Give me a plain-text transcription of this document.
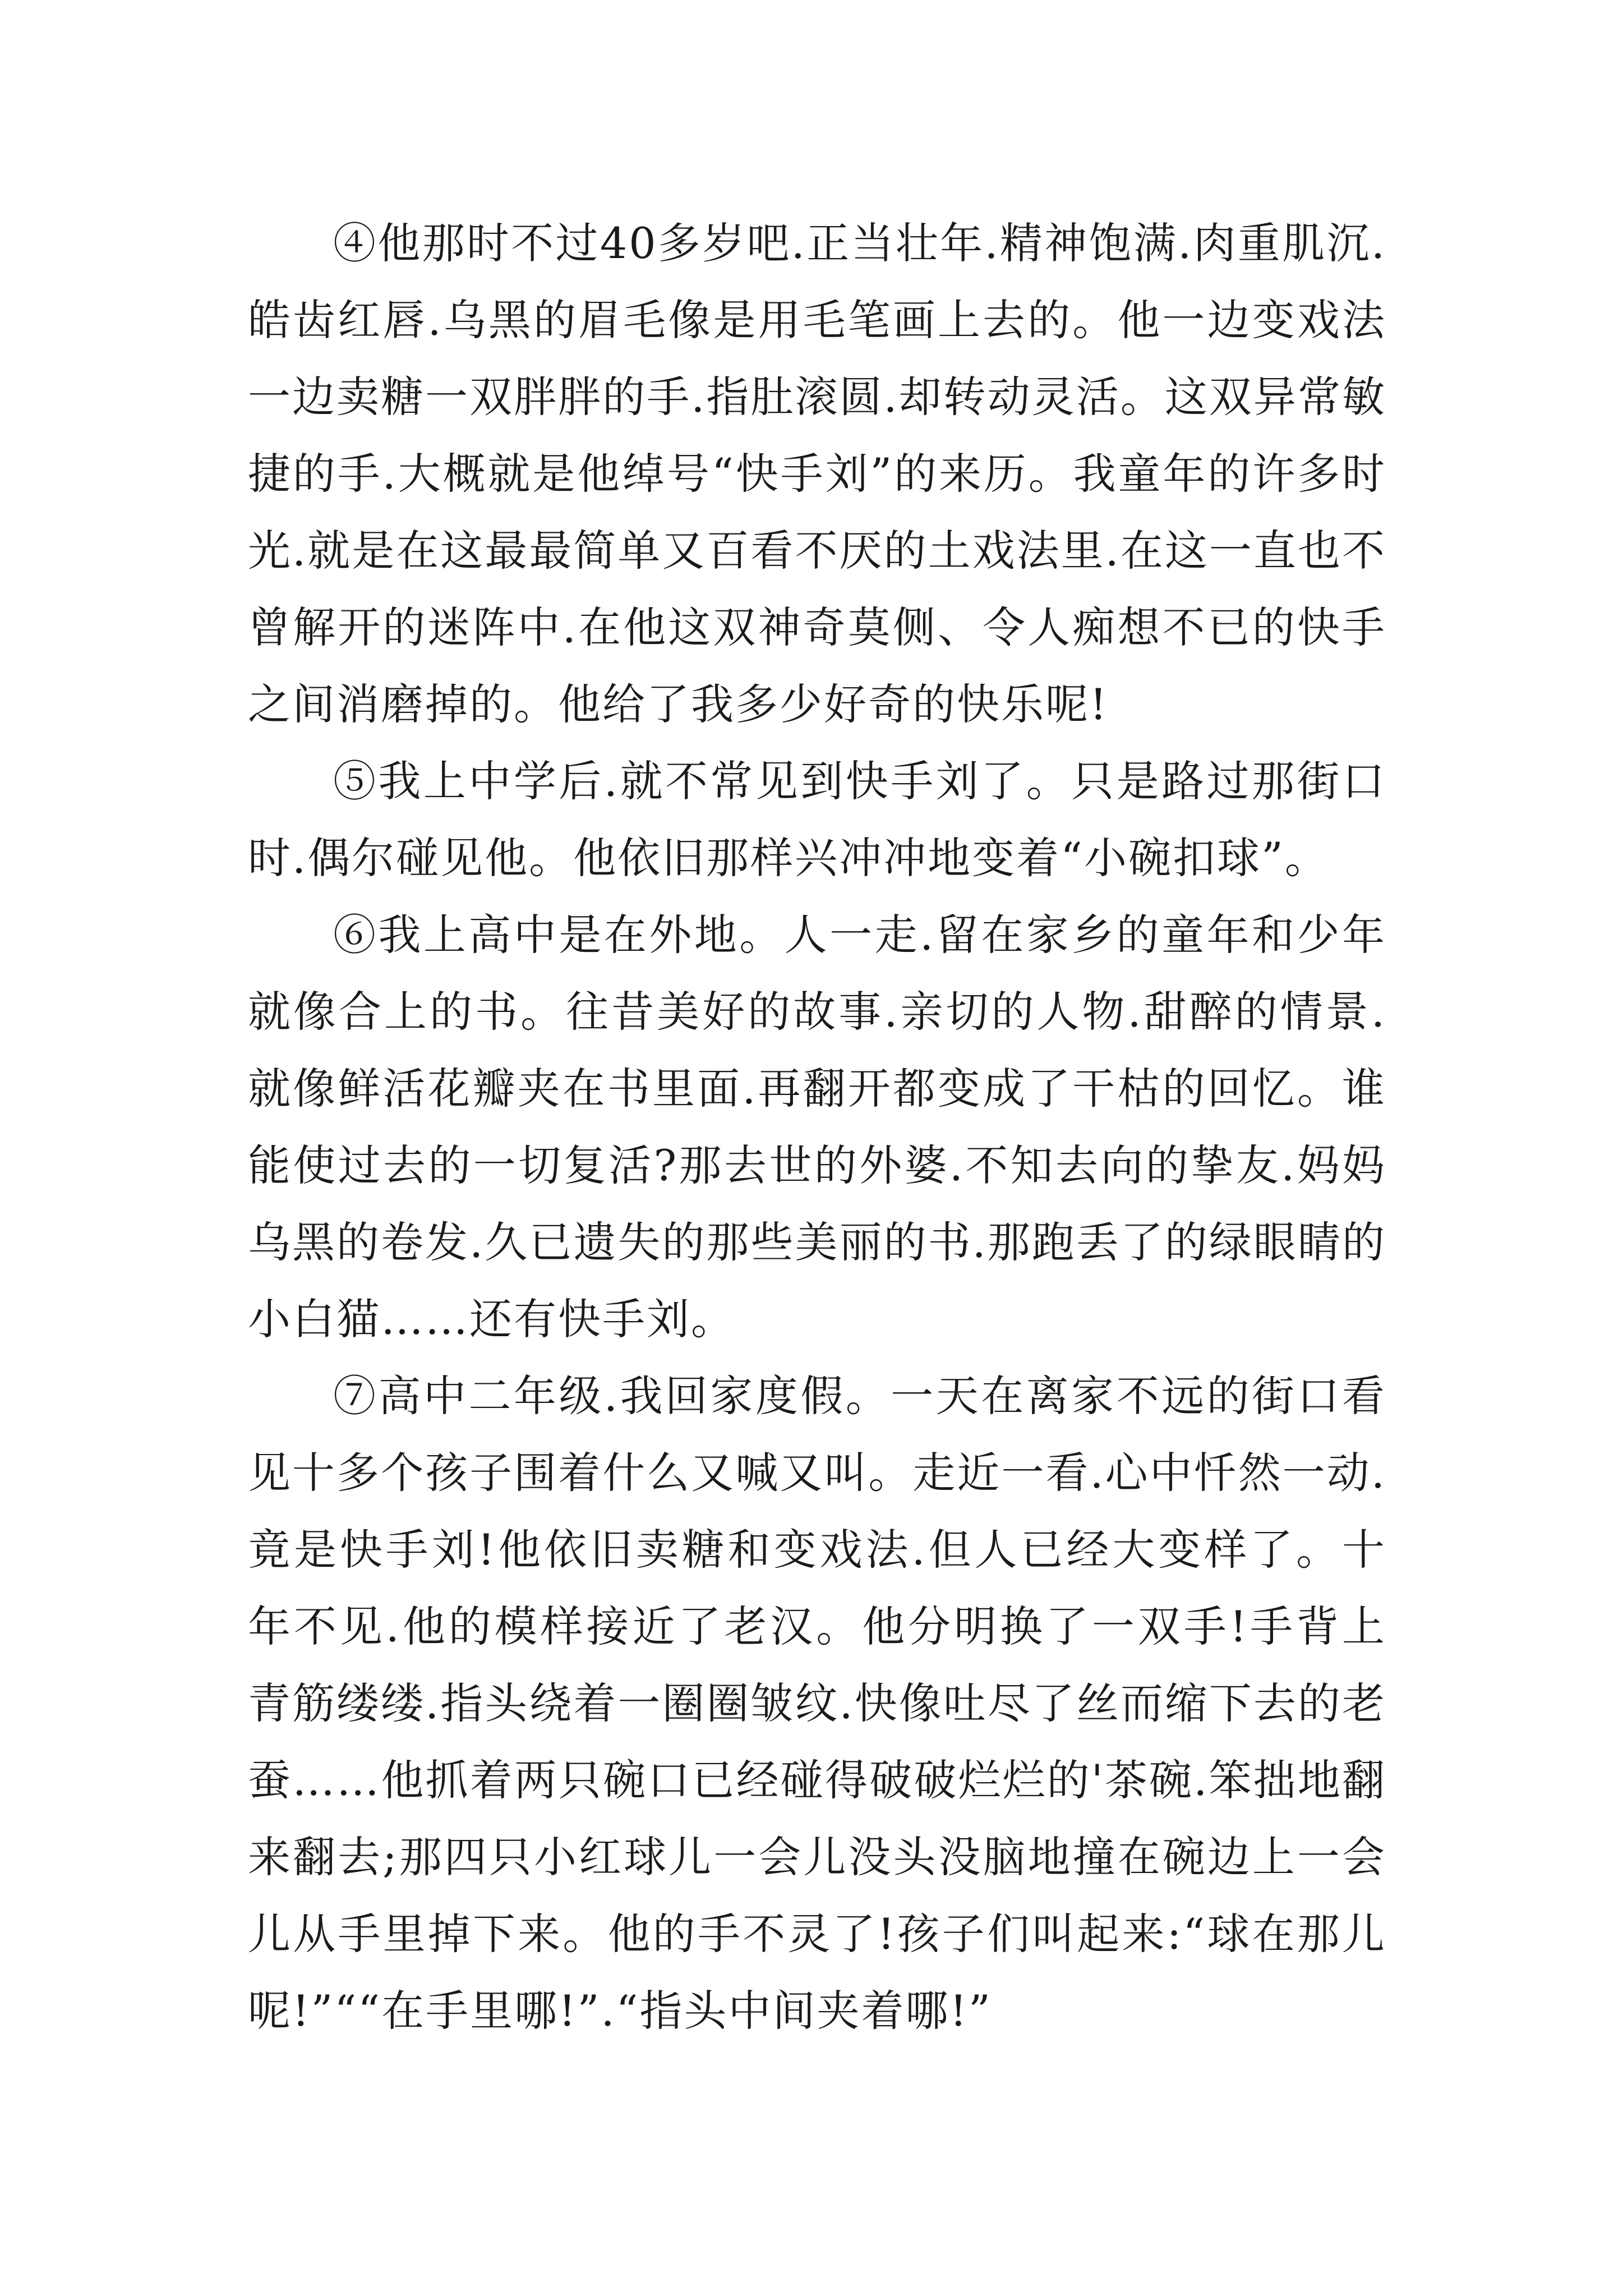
④他那时不过40多岁吧.正当壮年.精神饱满.肉重肌沉.皓齿红唇.乌黑的眉毛像是用毛笔画上去的。他一边变戏法一边卖糖一双胖胖的手.指肚滚圆.却转动灵活。这双异常敏捷的手.大概就是他绰号“快手刘”的来历。我童年的许多时光.就是在这最最简单又百看不厌的土戏法里.在这一直也不曾解开的迷阵中.在他这双神奇莫侧、令人痴想不已的快手之间消磨掉的。他给了我多少好奇的快乐呢!

⑤我上中学后.就不常见到快手刘了。只是路过那街口时.偶尔碰见他。他依旧那样兴冲冲地变着“小碗扣球”。

⑥我上高中是在外地。人一走.留在家乡的童年和少年就像合上的书。往昔美好的故事.亲切的人物.甜醉的情景.就像鲜活花瓣夹在书里面.再翻开都变成了干枯的回忆。谁能使过去的一切复活?那去世的外婆.不知去向的挚友.妈妈乌黑的卷发.久已遗失的那些美丽的书.那跑丢了的绿眼睛的小白猫……还有快手刘。

⑦高中二年级.我回家度假。一天在离家不远的街口看见十多个孩子围着什么又喊又叫。走近一看.心中忏然一动.竟是快手刘!他依旧卖糖和变戏法.但人已经大变样了。十年不见.他的模样接近了老汉。他分明换了一双手!手背上青筋缕缕.指头绕着一圈圈皱纹.快像吐尽了丝而缩下去的老蚕……他抓着两只碗口已经碰得破破烂烂的'茶碗.笨拙地翻来翻去;那四只小红球儿一会儿没头没脑地撞在碗边上一会儿从手里掉下来。他的手不灵了!孩子们叫起来:“球在那儿呢!”““在手里哪!”.“指头中间夹着哪!”
